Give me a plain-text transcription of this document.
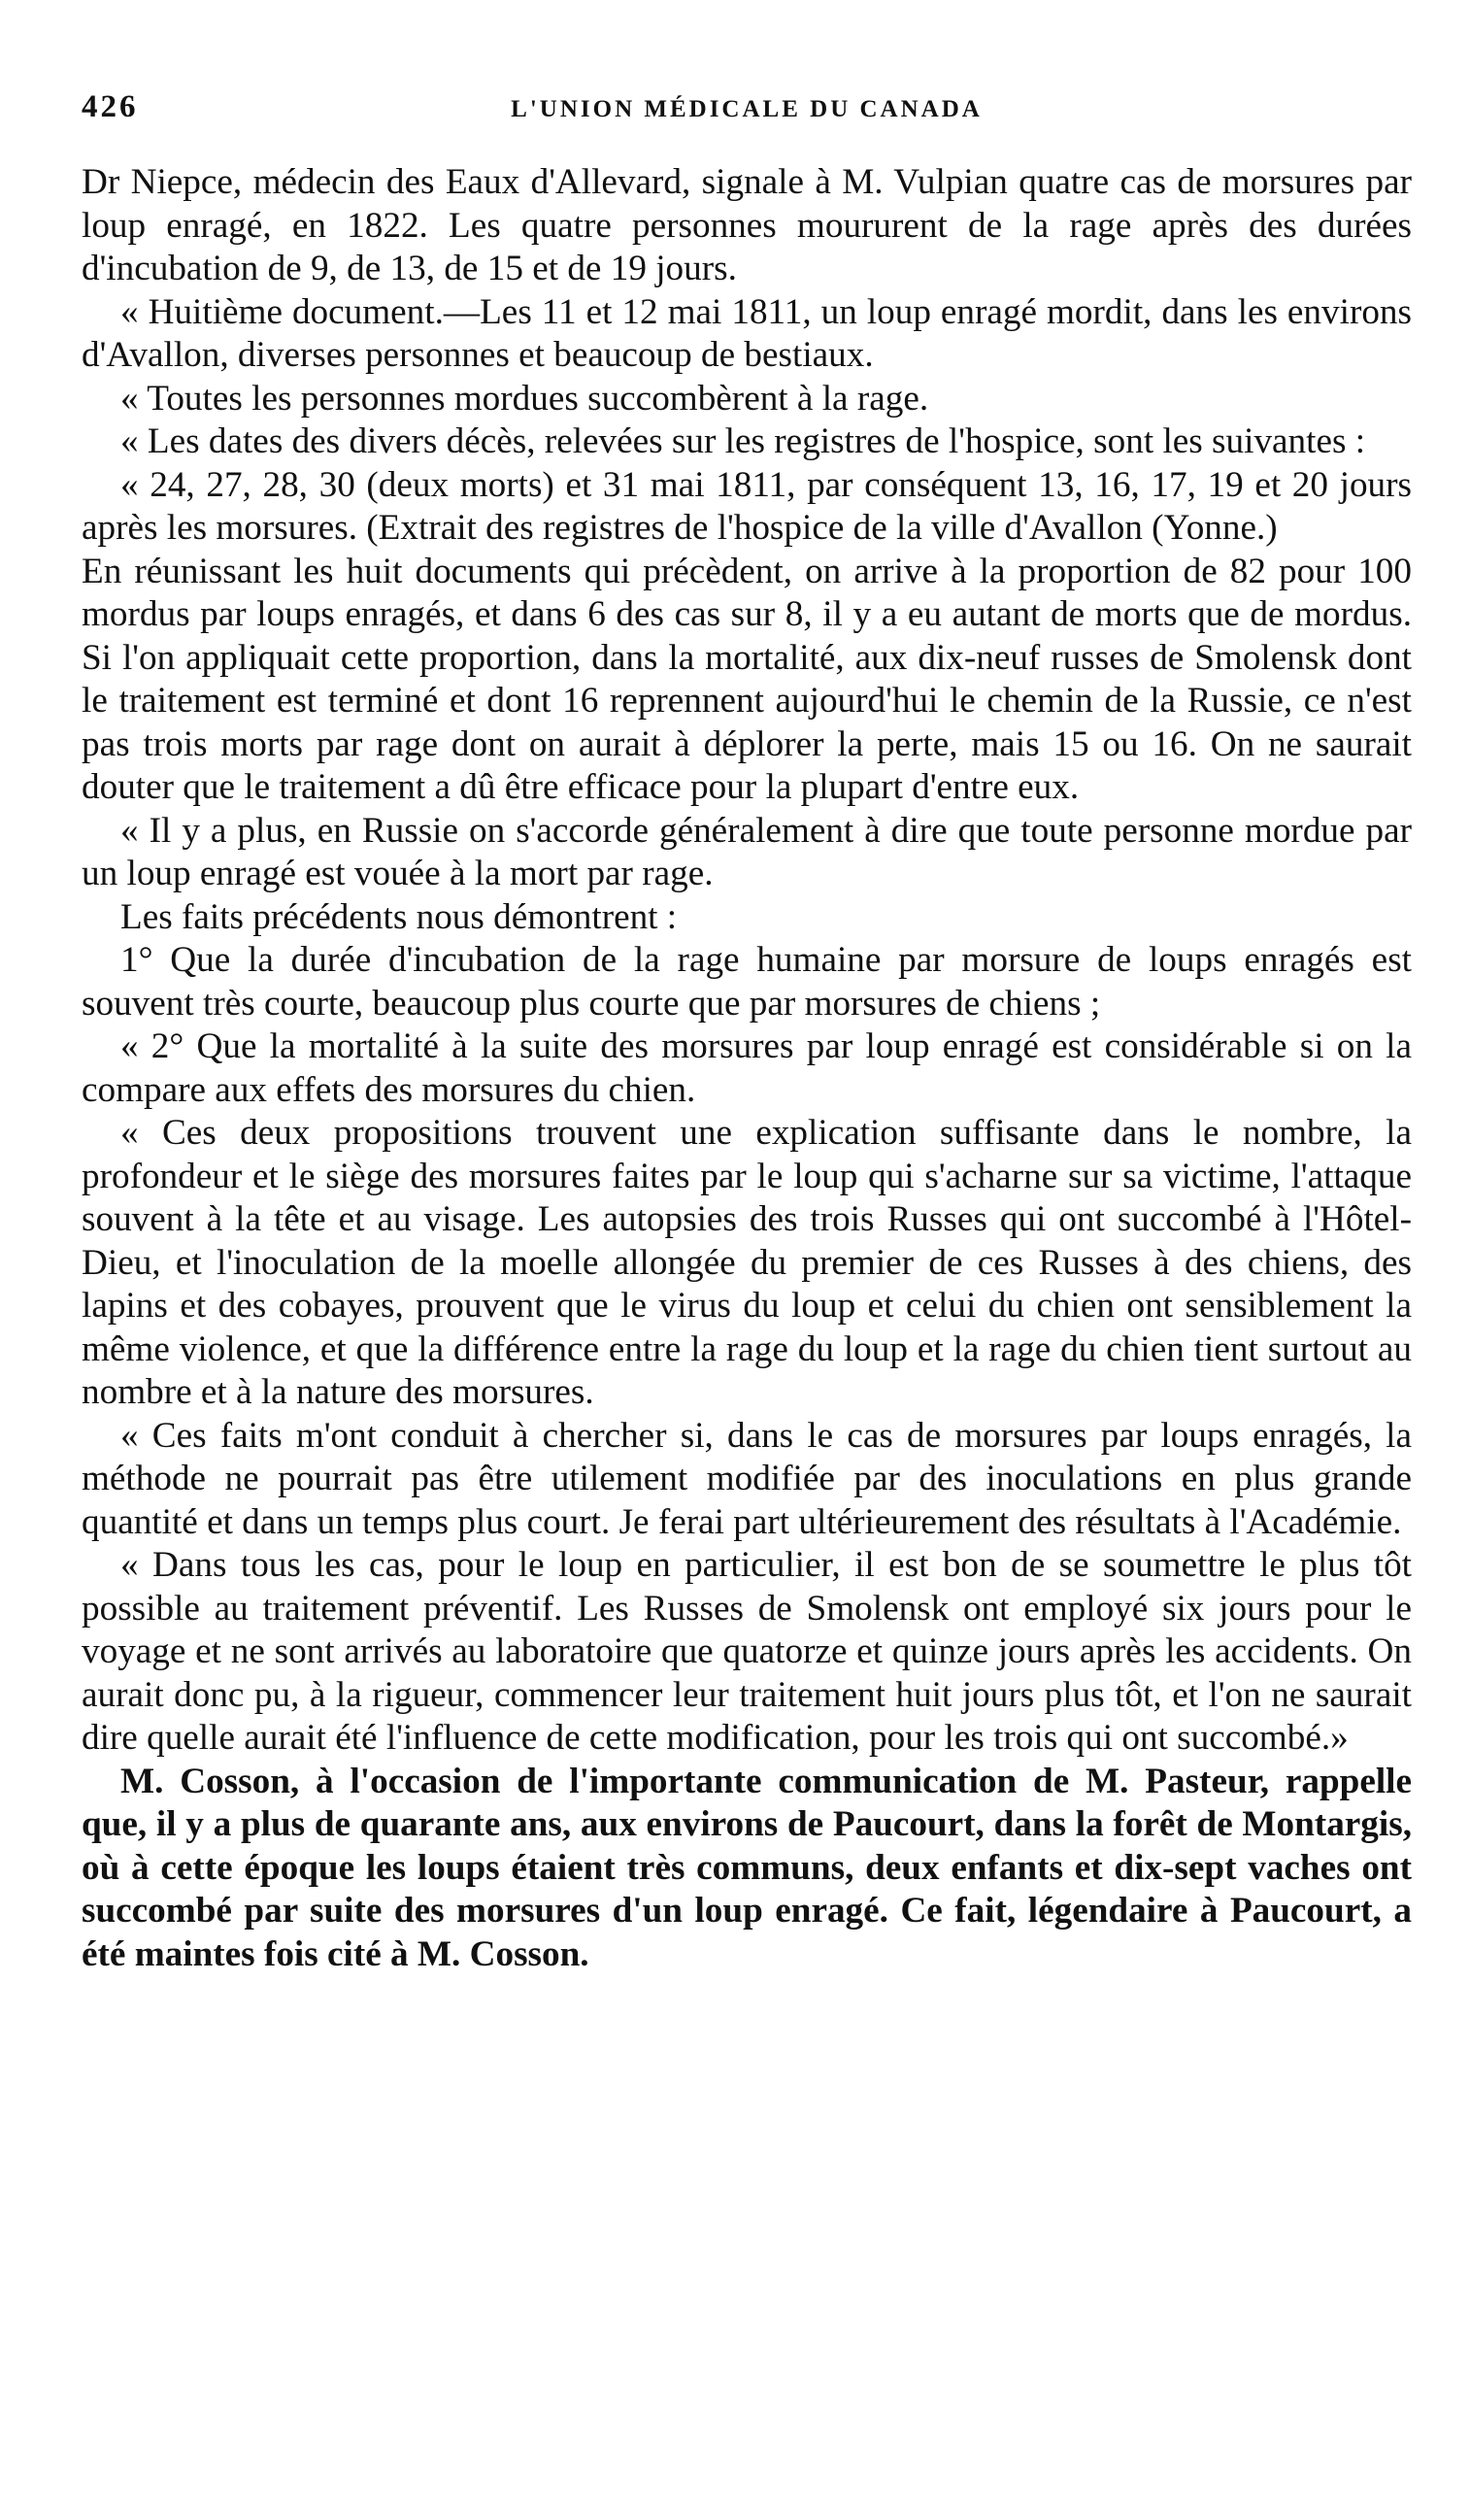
426	L'UNION MÉDICALE DU CANADA

Dr Niepce, médecin des Eaux d'Allevard, signale à M. Vulpian quatre cas de morsures par loup enragé, en 1822. Les quatre personnes moururent de la rage après des durées d'incubation de 9, de 13, de 15 et de 19 jours.

« Huitième document.—Les 11 et 12 mai 1811, un loup enragé mordit, dans les environs d'Avallon, diverses personnes et beaucoup de bestiaux.

« Toutes les personnes mordues succombèrent à la rage.

« Les dates des divers décès, relevées sur les registres de l'hospice, sont les suivantes :

« 24, 27, 28, 30 (deux morts) et 31 mai 1811, par conséquent 13, 16, 17, 19 et 20 jours après les morsures. (Extrait des registres de l'hospice de la ville d'Avallon (Yonne.)

En réunissant les huit documents qui précèdent, on arrive à la proportion de 82 pour 100 mordus par loups enragés, et dans 6 des cas sur 8, il y a eu autant de morts que de mordus. Si l'on appliquait cette proportion, dans la mortalité, aux dix-neuf russes de Smolensk dont le traitement est terminé et dont 16 reprennent aujourd'hui le chemin de la Russie, ce n'est pas trois morts par rage dont on aurait à déplorer la perte, mais 15 ou 16. On ne saurait douter que le traitement a dû être efficace pour la plupart d'entre eux.

« Il y a plus, en Russie on s'accorde généralement à dire que toute personne mordue par un loup enragé est vouée à la mort par rage.

Les faits précédents nous démontrent :

1° Que la durée d'incubation de la rage humaine par morsure de loups enragés est souvent très courte, beaucoup plus courte que par morsures de chiens ;

« 2° Que la mortalité à la suite des morsures par loup enragé est considérable si on la compare aux effets des morsures du chien.

« Ces deux propositions trouvent une explication suffisante dans le nombre, la profondeur et le siège des morsures faites par le loup qui s'acharne sur sa victime, l'attaque souvent à la tête et au visage. Les autopsies des trois Russes qui ont succombé à l'Hôtel-Dieu, et l'inoculation de la moelle allongée du premier de ces Russes à des chiens, des lapins et des cobayes, prouvent que le virus du loup et celui du chien ont sensiblement la même violence, et que la différence entre la rage du loup et la rage du chien tient surtout au nombre et à la nature des morsures.

« Ces faits m'ont conduit à chercher si, dans le cas de morsures par loups enragés, la méthode ne pourrait pas être utilement modifiée par des inoculations en plus grande quantité et dans un temps plus court. Je ferai part ultérieurement des résultats à l'Académie.

« Dans tous les cas, pour le loup en particulier, il est bon de se soumettre le plus tôt possible au traitement préventif. Les Russes de Smolensk ont employé six jours pour le voyage et ne sont arrivés au laboratoire que quatorze et quinze jours après les accidents. On aurait donc pu, à la rigueur, commencer leur traitement huit jours plus tôt, et l'on ne saurait dire quelle aurait été l'influence de cette modification, pour les trois qui ont succombé.»

M. Cosson, à l'occasion de l'importante communication de M. Pasteur, rappelle que, il y a plus de quarante ans, aux environs de Paucourt, dans la forêt de Montargis, où à cette époque les loups étaient très communs, deux enfants et dix-sept vaches ont succombé par suite des morsures d'un loup enragé. Ce fait, légendaire à Paucourt, a été maintes fois cité à M. Cosson.
